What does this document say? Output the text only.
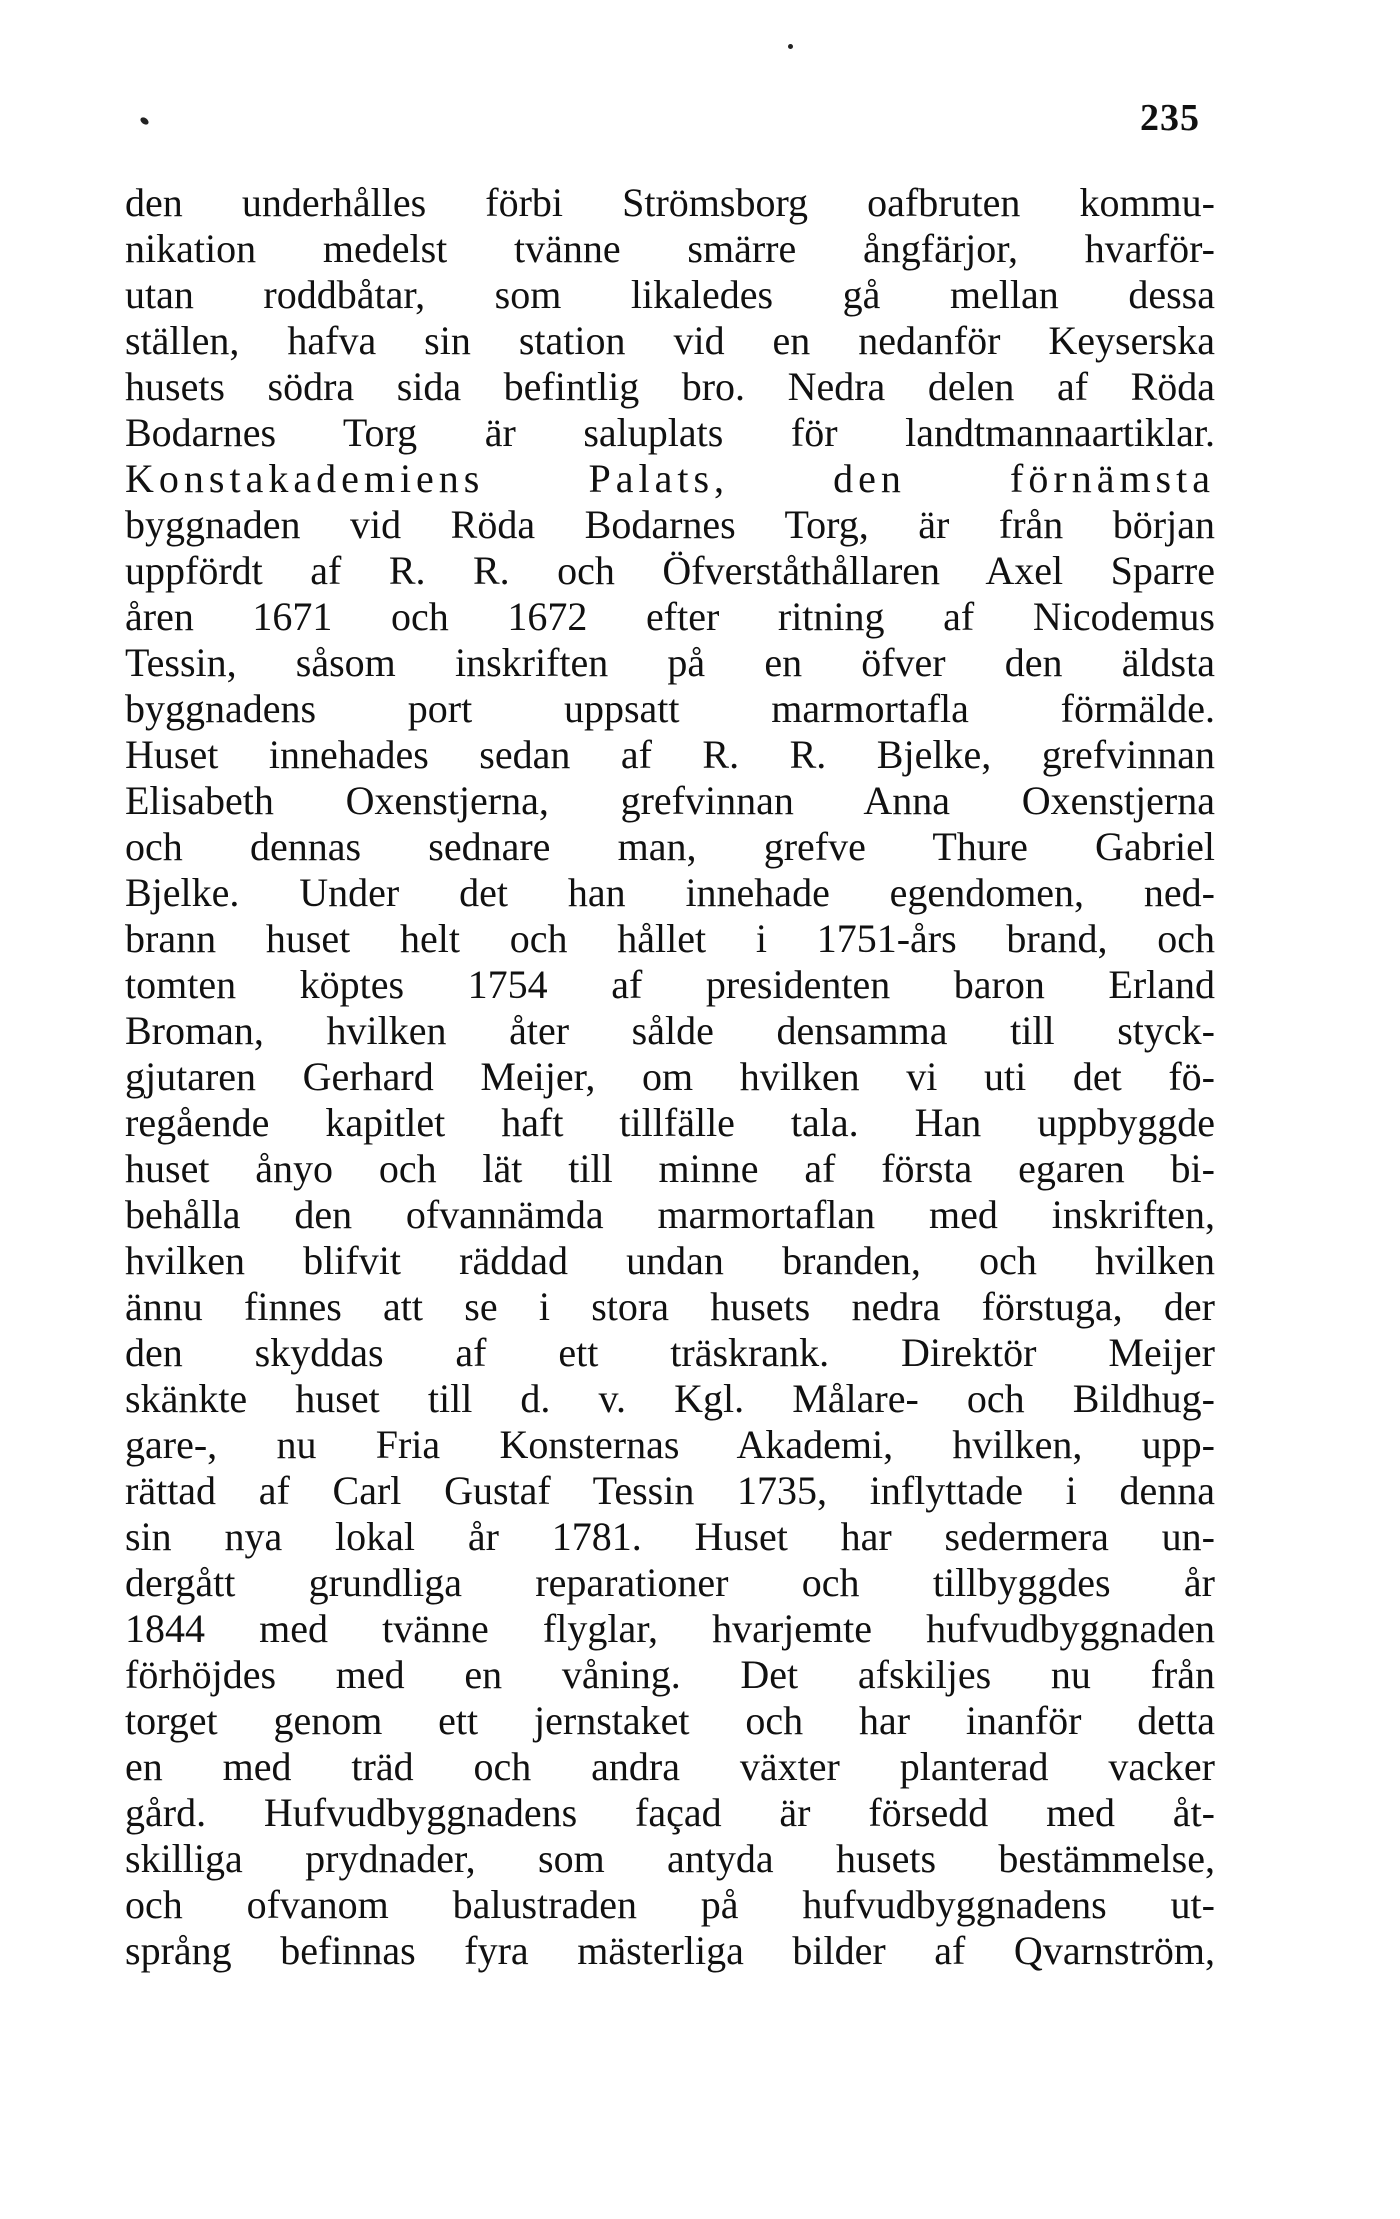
235
den underhålles förbi Strömsborg oafbruten kommu-
nikation medelst tvänne smärre ångfärjor, hvarför-
utan roddbåtar, som likaledes gå mellan dessa
ställen, hafva sin station vid en nedanför Keyserska
husets södra sida befintlig bro. Nedra delen af Röda
Bodarnes Torg är saluplats för landtmannaartiklar.
Konstakademiens Palats, den förnämsta
byggnaden vid Röda Bodarnes Torg, är från början
uppfördt af R. R. och Öfverståthållaren Axel Sparre
åren 1671 och 1672 efter ritning af Nicodemus
Tessin, såsom inskriften på en öfver den äldsta
byggnadens port uppsatt marmortafla förmälde.
Huset innehades sedan af R. R. Bjelke, grefvinnan
Elisabeth Oxenstjerna, grefvinnan Anna Oxenstjerna
och dennas sednare man, grefve Thure Gabriel
Bjelke. Under det han innehade egendomen, ned-
brann huset helt och hållet i 1751-års brand, och
tomten köptes 1754 af presidenten baron Erland
Broman, hvilken åter sålde densamma till styck-
gjutaren Gerhard Meijer, om hvilken vi uti det fö-
regående kapitlet haft tillfälle tala. Han uppbyggde
huset ånyo och lät till minne af första egaren bi-
behålla den ofvannämda marmortaflan med inskriften,
hvilken blifvit räddad undan branden, och hvilken
ännu finnes att se i stora husets nedra förstuga, der
den skyddas af ett träskrank. Direktör Meijer
skänkte huset till d. v. Kgl. Målare- och Bildhug-
gare-, nu Fria Konsternas Akademi, hvilken, upp-
rättad af Carl Gustaf Tessin 1735, inflyttade i denna
sin nya lokal år 1781. Huset har sedermera un-
dergått grundliga reparationer och tillbyggdes år
1844 med tvänne flyglar, hvarjemte hufvudbyggnaden
förhöjdes med en våning. Det afskiljes nu från
torget genom ett jernstaket och har inanför detta
en med träd och andra växter planterad vacker
gård. Hufvudbyggnadens façad är försedd med åt-
skilliga prydnader, som antyda husets bestämmelse,
och ofvanom balustraden på hufvudbyggnadens ut-
språng befinnas fyra mästerliga bilder af Qvarnström,
